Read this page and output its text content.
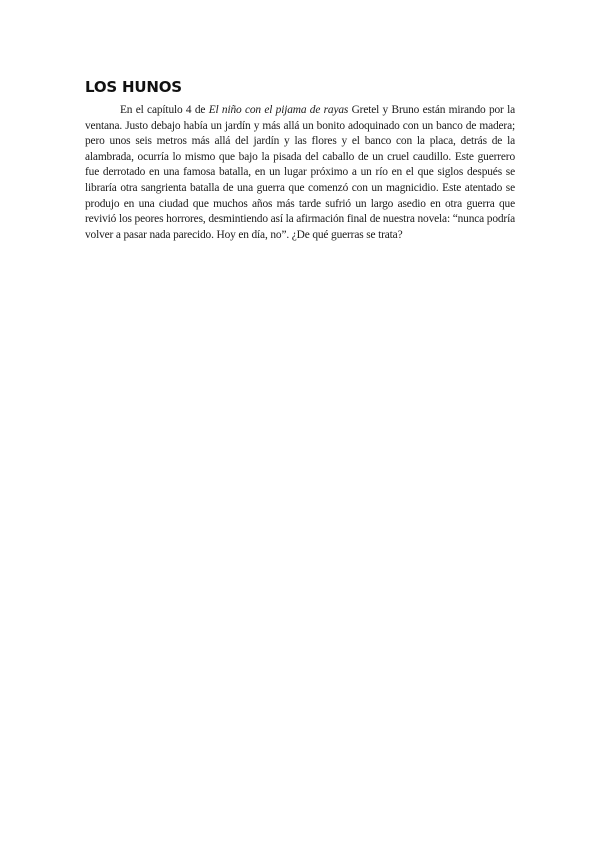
LOS HUNOS

En el capítulo 4 de El niño con el pijama de rayas Gretel y Bruno están mirando por la ventana. Justo debajo había un jardín y más allá un bonito adoquinado con un banco de madera; pero unos seis metros más allá del jardín y las flores y el banco con la placa, detrás de la alambrada, ocurría lo mismo que bajo la pisada del caballo de un cruel caudillo. Este guerrero fue derrotado en una famosa batalla, en un lugar próximo a un río en el que siglos después se libraría otra sangrienta batalla de una guerra que comenzó con un magnicidio. Este atentado se produjo en una ciudad que muchos años más tarde sufrió un largo asedio en otra guerra que revivió los peores horrores, desmintiendo así la afirmación final de nuestra novela: “nunca podría volver a pasar nada parecido. Hoy en día, no”. ¿De qué guerras se trata?
